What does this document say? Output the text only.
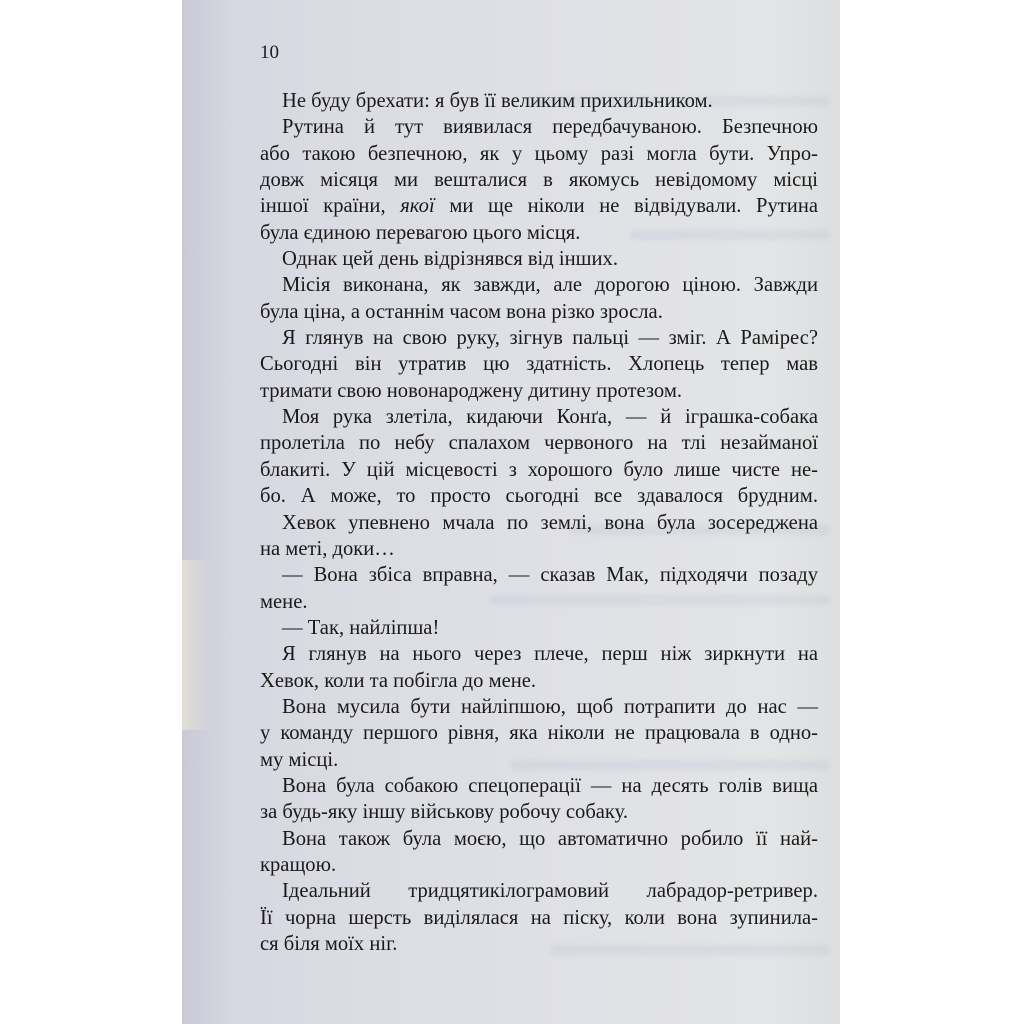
10
Не буду брехати: я був її великим прихильником.
Рутина й тут виявилася передбачуваною. Безпечною
або такою безпечною, як у цьому разі могла бути. Упро-
довж місяця ми вешталися в якомусь невідомому місці
іншої країни, якої ми ще ніколи не відвідували. Рутина
була єдиною перевагою цього місця.
Однак цей день відрізнявся від інших.
Місія виконана, як завжди, але дорогою ціною. Завжди
була ціна, а останнім часом вона різко зросла.
Я глянув на свою руку, зігнув пальці — зміг. А Рамірес?
Сьогодні він утратив цю здатність. Хлопець тепер мав
тримати свою новонароджену дитину протезом.
Моя рука злетіла, кидаючи Конґа, — й іграшка-собака
пролетіла по небу спалахом червоного на тлі незайманої
блакиті. У цій місцевості з хорошого було лише чисте не-
бо. А може, то просто сьогодні все здавалося брудним.
Хевок упевнено мчала по землі, вона була зосереджена
на меті, доки…
— Вона збіса вправна, — сказав Мак, підходячи позаду
мене.
— Так, найліпша!
Я глянув на нього через плече, перш ніж зиркнути на
Хевок, коли та побігла до мене.
Вона мусила бути найліпшою, щоб потрапити до нас —
у команду першого рівня, яка ніколи не працювала в одно-
му місці.
Вона була собакою спецоперації — на десять голів вища
за будь-яку іншу військову робочу собаку.
Вона також була моєю, що автоматично робило її най-
кращою.
Ідеальний тридцятикілограмовий лабрадор-ретривер.
Її чорна шерсть виділялася на піску, коли вона зупинила-
ся біля моїх ніг.
